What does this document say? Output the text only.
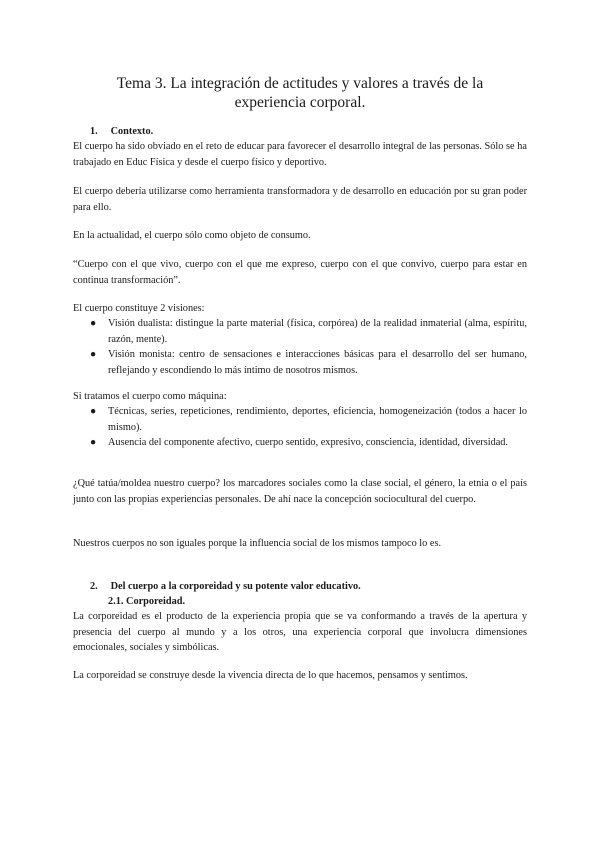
Tema 3. La integración de actitudes y valores a través de la experiencia corporal.
1. Contexto.

El cuerpo ha sido obviado en el reto de educar para favorecer el desarrollo integral de las personas. Sólo se ha trabajado en Educ Física y desde el cuerpo físico y deportivo.

El cuerpo debería utilizarse como herramienta transformadora y de desarrollo en educación por su gran poder para ello.

En la actualidad, el cuerpo sólo como objeto de consumo.

“Cuerpo con el que vivo, cuerpo con el que me expreso, cuerpo con el que convivo, cuerpo para estar en continua transformación”.

El cuerpo constituye 2 visiones:

● Visión dualista: distingue la parte material (física, corpórea) de la realidad inmaterial (alma, espíritu, razón, mente).
● Visión monista: centro de sensaciones e interacciones básicas para el desarrollo del ser humano, reflejando y escondiendo lo más íntimo de nosotros mismos.

Si tratamos el cuerpo como máquina:

● Técnicas, series, repeticiones, rendimiento, deportes, eficiencia, homogeneización (todos a hacer lo mismo).
● Ausencia del componente afectivo, cuerpo sentido, expresivo, consciencia, identidad, diversidad.

¿Qué tatúa/moldea nuestro cuerpo? los marcadores sociales como la clase social, el género, la etnia o el país junto con las propias experiencias personales. De ahí nace la concepción sociocultural del cuerpo.

Nuestros cuerpos no son iguales porque la influencia social de los mismos tampoco lo es.

2. Del cuerpo a la corporeidad y su potente valor educativo.
2.1. Corporeidad.

La corporeidad es el producto de la experiencia propia que se va conformando a través de la apertura y presencia del cuerpo al mundo y a los otros, una experiencia corporal que involucra dimensiones emocionales, sociales y simbólicas.

La corporeidad se construye desde la vivencia directa de lo que hacemos, pensamos y sentimos.
